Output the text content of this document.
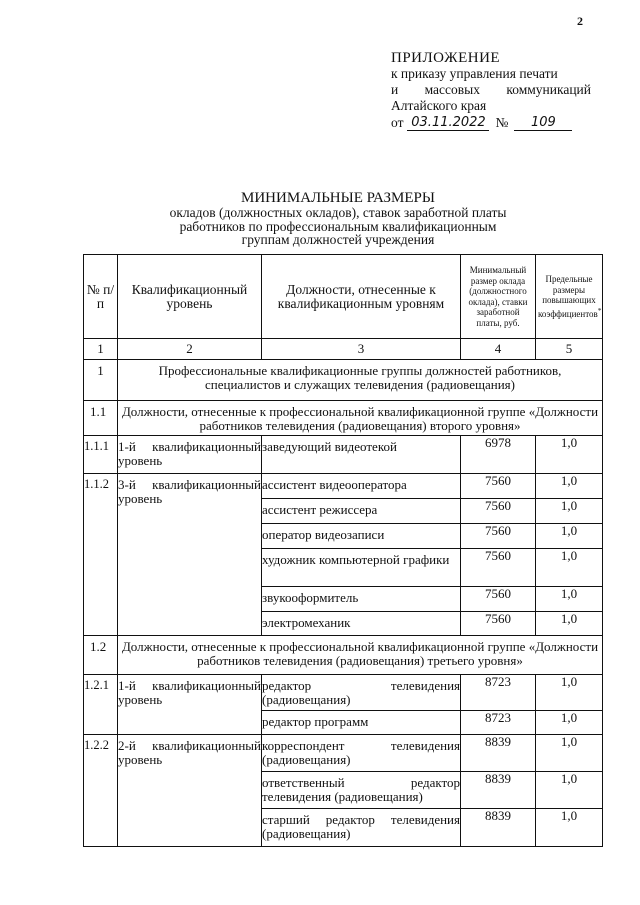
2
ПРИЛОЖЕНИЕ
к приказу управления печати
и массовых коммуникаций
Алтайского края
от 03.11.2022 №	109
МИНИМАЛЬНЫЕ РАЗМЕРЫ
окладов (должностных окладов), ставок заработной платы
работников по профессиональным квалификационным
группам должностей учреждения
№ п/п	Квалификационный уровень	Должности, отнесенные к квалификационным уровням	Минимальный размер оклада (должностного оклада), ставки заработной платы, руб.	Предельные размеры повышающих коэффициентов*
1	2	3	4	5
1	Профессиональные квалификационные группы должностей работников, специалистов и служащих телевидения (радиовещания)			
1.1	Должности, отнесенные к профессиональной квалификационной группе «Должности работников телевидения (радиовещания) второго уровня»			
1.1.1	1-й квалификационный уровень	заведующий видеотекой	6978	1,0
1.1.2	3-й квалификационный уровень	ассистент видеооператора	7560	1,0
		ассистент режиссера	7560	1,0
		оператор видеозаписи	7560	1,0
		художник компьютерной графики	7560	1,0
		звукооформитель	7560	1,0
		электромеханик	7560	1,0
1.2	Должности, отнесенные к профессиональной квалификационной группе «Должности работников телевидения (радиовещания) третьего уровня»			
1.2.1	1-й квалификационный уровень	редактор телевидения (радиовещания)	8723	1,0
		редактор программ	8723	1,0
1.2.2	2-й квалификационный уровень	корреспондент телевидения (радиовещания)	8839	1,0
		ответственный редактор телевидения (радиовещания)	8839	1,0
		старший редактор телевидения (радиовещания)	8839	1,0
